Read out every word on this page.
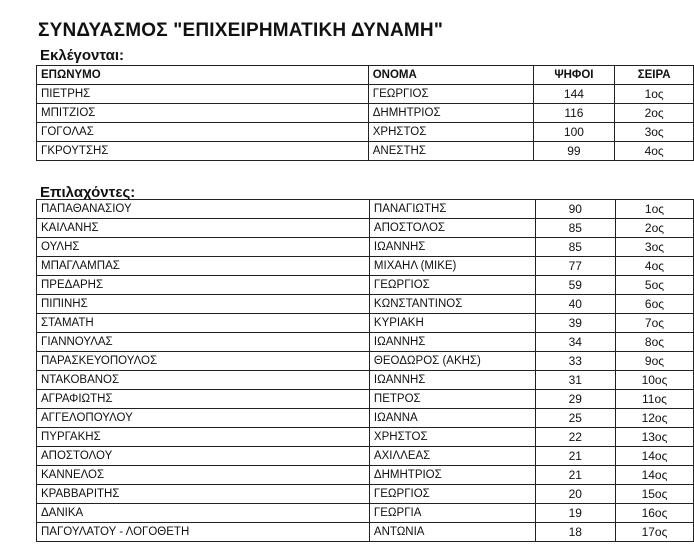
ΣΥΝΔΥΑΣΜΟΣ "ΕΠΙΧΕΙΡΗΜΑΤΙΚΗ ΔΥΝΑΜΗ"
Εκλέγονται:
ΕΠΩΝΥΜΟ	ΟΝΟΜΑ	ΨΗΦΟΙ	ΣΕΙΡΑ
ΠΙΕΤΡΗΣ	ΓΕΩΡΓΙΟΣ	144	1ος
ΜΠΙΤΖΙΟΣ	ΔΗΜΗΤΡΙΟΣ	116	2ος
ΓΟΓΟΛΑΣ	ΧΡΗΣΤΟΣ	100	3ος
ΓΚΡΟΥΤΣΗΣ	ΑΝΕΣΤΗΣ	99	4ος
Επιλαχόντες:
ΠΑΠΑΘΑΝΑΣΙΟΥ	ΠΑΝΑΓΙΩΤΗΣ	90	1ος
ΚΑΙΛΑΝΗΣ	ΑΠΟΣΤΟΛΟΣ	85	2ος
ΟΥΛΗΣ	ΙΩΑΝΝΗΣ	85	3ος
ΜΠΑΓΛΑΜΠΑΣ	ΜΙΧΑΗΛ (ΜΙΚΕ)	77	4ος
ΠΡΕΔΑΡΗΣ	ΓΕΩΡΓΙΟΣ	59	5ος
ΠΙΠΙΝΗΣ	ΚΩΝΣΤΑΝΤΙΝΟΣ	40	6ος
ΣΤΑΜΑΤΗ	ΚΥΡΙΑΚΗ	39	7ος
ΓΙΑΝΝΟΥΛΑΣ	ΙΩΑΝΝΗΣ	34	8ος
ΠΑΡΑΣΚΕΥΟΠΟΥΛΟΣ	ΘΕΟΔΩΡΟΣ (ΑΚΗΣ)	33	9ος
ΝΤΑΚΟΒΑΝΟΣ	ΙΩΑΝΝΗΣ	31	10ος
ΑΓΡΑΦΙΩΤΗΣ	ΠΕΤΡΟΣ	29	11ος
ΑΓΓΕΛΟΠΟΥΛΟΥ	ΙΩΑΝΝΑ	25	12ος
ΠΥΡΓΑΚΗΣ	ΧΡΗΣΤΟΣ	22	13ος
ΑΠΟΣΤΟΛΟΥ	ΑΧΙΛΛΕΑΣ	21	14ος
ΚΑΝΝΕΛΟΣ	ΔΗΜΗΤΡΙΟΣ	21	14ος
ΚΡΑΒΒΑΡΙΤΗΣ	ΓΕΩΡΓΙΟΣ	20	15ος
ΔΑΝΙΚΑ	ΓΕΩΡΓΙΑ	19	16ος
ΠΑΓΟΥΛΑΤΟΥ - ΛΟΓΟΘΕΤΗ	ΑΝΤΩΝΙΑ	18	17ος
